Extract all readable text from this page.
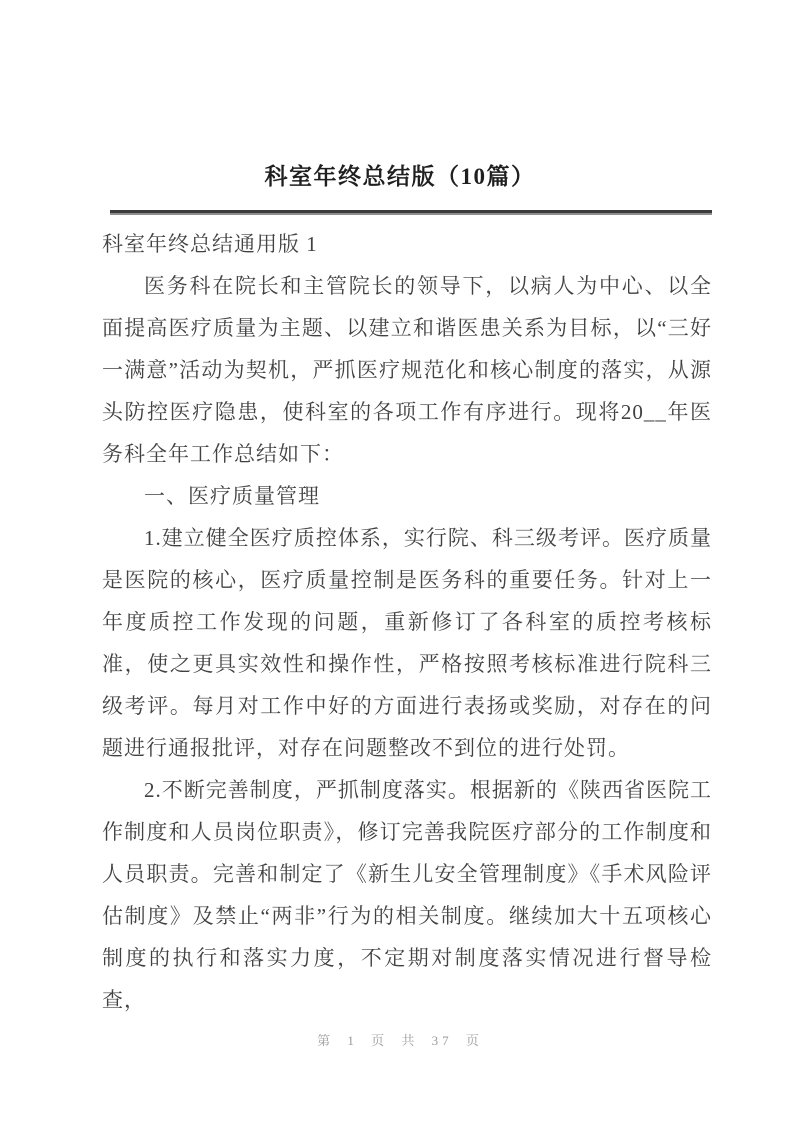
科室年终总结版（10篇）
科室年终总结通用版 1

医务科在院长和主管院长的领导下，以病人为中心、以全面提高医疗质量为主题、以建立和谐医患关系为目标，以“三好一满意”活动为契机，严抓医疗规范化和核心制度的落实，从源头防控医疗隐患，使科室的各项工作有序进行。现将20__年医务科全年工作总结如下：

一、医疗质量管理

1.建立健全医疗质控体系，实行院、科三级考评。医疗质量是医院的核心，医疗质量控制是医务科的重要任务。针对上一年度质控工作发现的问题，重新修订了各科室的质控考核标准，使之更具实效性和操作性，严格按照考核标准进行院科三级考评。每月对工作中好的方面进行表扬或奖励，对存在的问题进行通报批评，对存在问题整改不到位的进行处罚。

2.不断完善制度，严抓制度落实。根据新的《陕西省医院工作制度和人员岗位职责》，修订完善我院医疗部分的工作制度和人员职责。完善和制定了《新生儿安全管理制度》《手术风险评估制度》及禁止“两非”行为的相关制度。继续加大十五项核心制度的执行和落实力度，不定期对制度落实情况进行督导检查，

第 1 页 共 37 页
